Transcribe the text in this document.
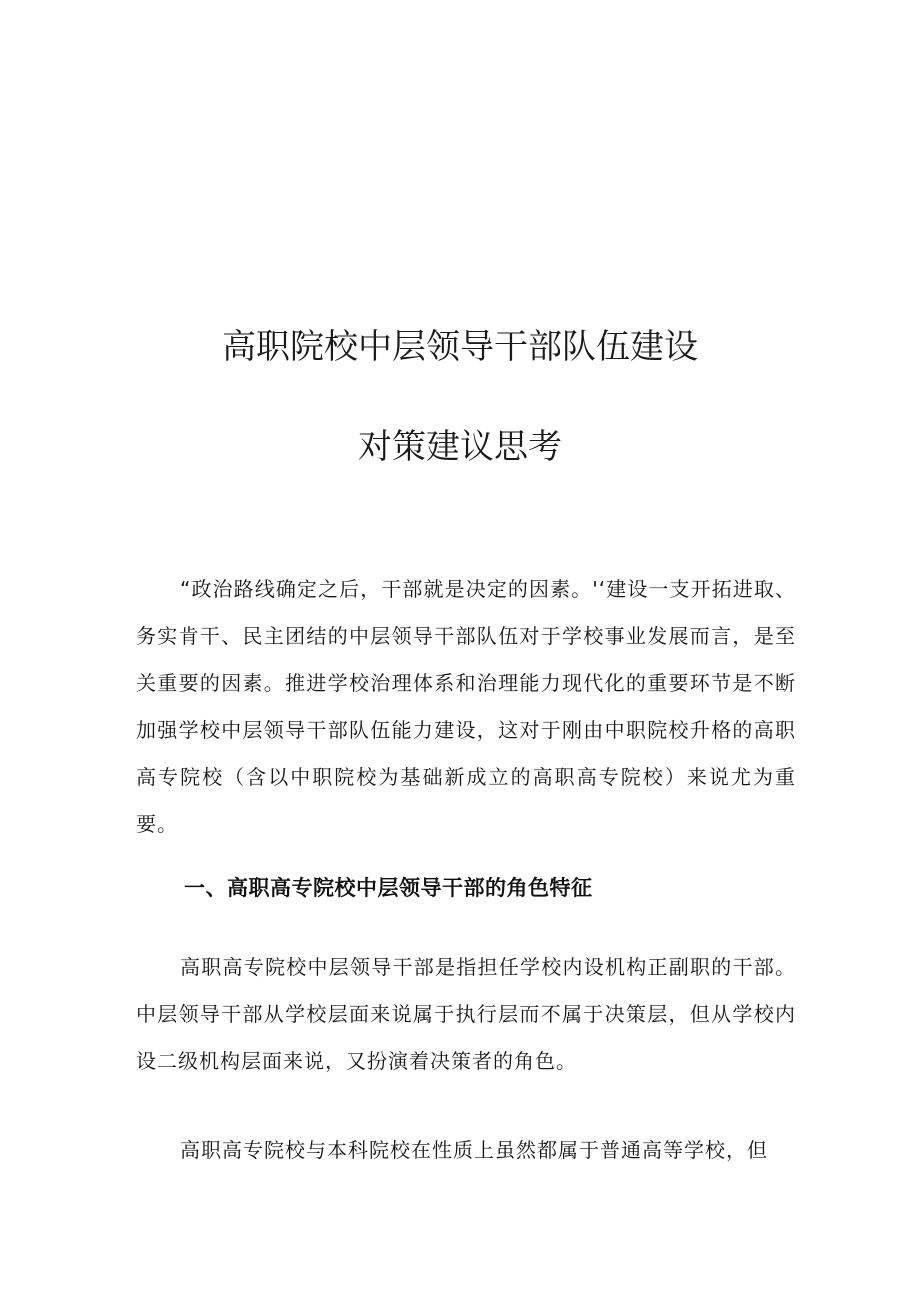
高职院校中层领导干部队伍建设
对策建议思考

“政治路线确定之后，干部就是决定的因素。'‘建设一支开拓进取、务实肯干、民主团结的中层领导干部队伍对于学校事业发展而言，是至关重要的因素。推进学校治理体系和治理能力现代化的重要环节是不断加强学校中层领导干部队伍能力建设，这对于刚由中职院校升格的高职高专院校（含以中职院校为基础新成立的高职高专院校）来说尤为重要。

一、高职高专院校中层领导干部的角色特征

高职高专院校中层领导干部是指担任学校内设机构正副职的干部。中层领导干部从学校层面来说属于执行层而不属于决策层，但从学校内设二级机构层面来说，又扮演着决策者的角色。

高职高专院校与本科院校在性质上虽然都属于普通高等学校，但
